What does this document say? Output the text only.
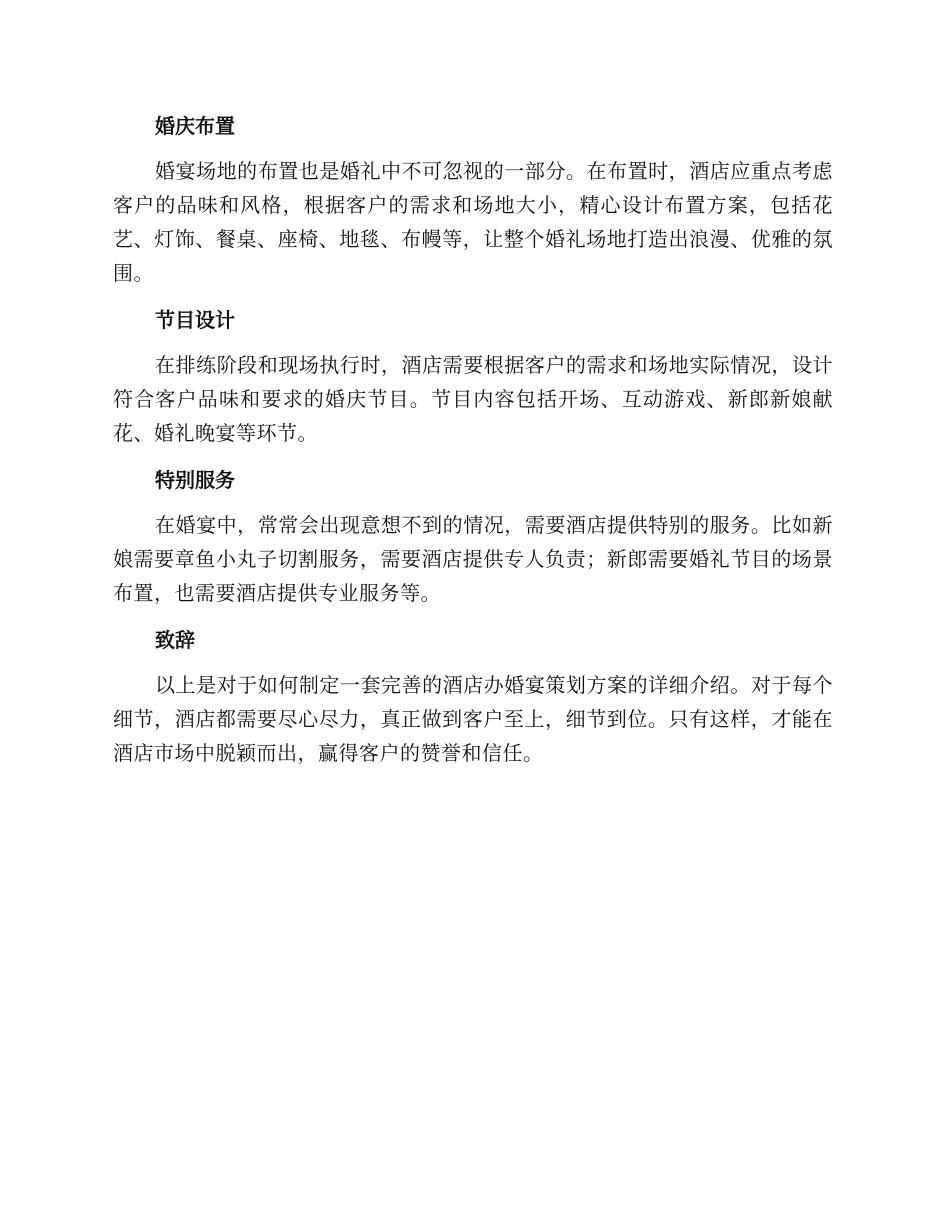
婚庆布置

婚宴场地的布置也是婚礼中不可忽视的一部分。在布置时，酒店应重点考虑客户的品味和风格，根据客户的需求和场地大小，精心设计布置方案，包括花艺、灯饰、餐桌、座椅、地毯、布幔等，让整个婚礼场地打造出浪漫、优雅的氛围。

节目设计

在排练阶段和现场执行时，酒店需要根据客户的需求和场地实际情况，设计符合客户品味和要求的婚庆节目。节目内容包括开场、互动游戏、新郎新娘献花、婚礼晚宴等环节。

特别服务

在婚宴中，常常会出现意想不到的情况，需要酒店提供特别的服务。比如新娘需要章鱼小丸子切割服务，需要酒店提供专人负责；新郎需要婚礼节目的场景布置，也需要酒店提供专业服务等。

致辞

以上是对于如何制定一套完善的酒店办婚宴策划方案的详细介绍。对于每个细节，酒店都需要尽心尽力，真正做到客户至上，细节到位。只有这样，才能在酒店市场中脱颖而出，赢得客户的赞誉和信任。
